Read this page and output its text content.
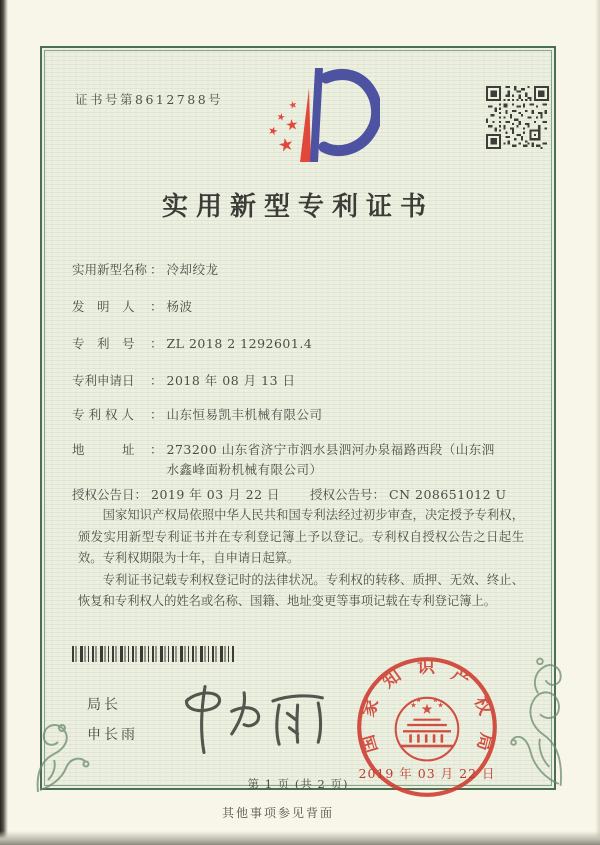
证书号第8612788号
实用新型专利证书
实用新型名称 ： 冷却绞龙
发　明　人 ： 杨波
专　利　号 ： ZL 2018 2 1292601.4
专利申请日 ： 2018 年 08 月 13 日
专 利 权 人 ： 山东恒易凯丰机械有限公司
地　　　址 ： 273200 山东省济宁市泗水县泗河办泉福路西段（山东泗水鑫峰面粉机械有限公司）
授权公告日： 2019 年 03 月 22 日 授权公告号： CN 208651012 U

国家知识产权局依照中华人民共和国专利法经过初步审查，决定授予专利权，颁发实用新型专利证书并在专利登记簿上予以登记。专利权自授权公告之日起生效。专利权期限为十年，自申请日起算。

专利证书记载专利权登记时的法律状况。专利权的转移、质押、无效、终止、恢复和专利权人的姓名或名称、国籍、地址变更等事项记载在专利登记簿上。

局长
申长雨	国家知识产权局
2019 年 03 月 22 日
第 1 页 (共 2 页)
其他事项参见背面
